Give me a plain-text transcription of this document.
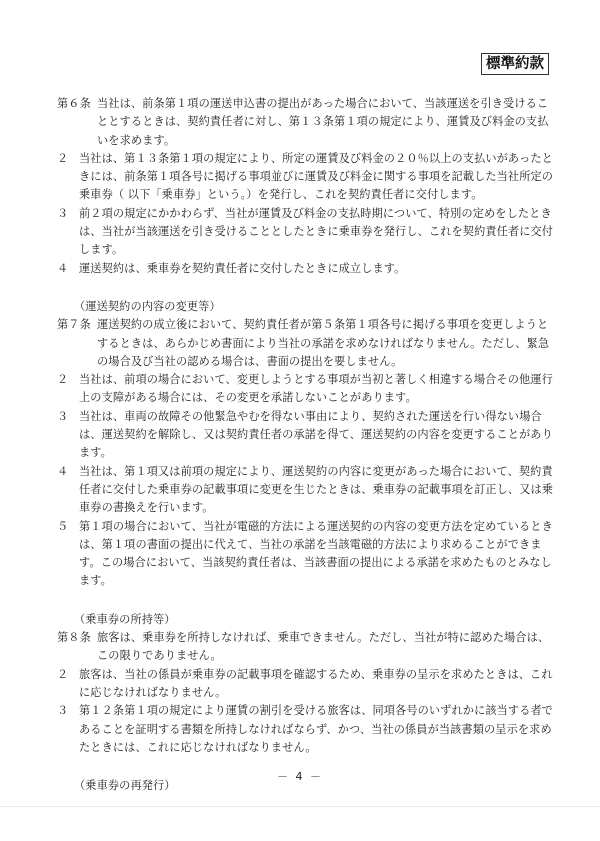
標準約款
第６条 当社は、前条第１項の運送申込書の提出があった場合において、当該運送を引き受けることとするときは、契約責任者に対し、第１３条第１項の規定により、運賃及び料金の支払いを求めます。
２ 当社は、第１３条第１項の規定により、所定の運賃及び料金の２０％以上の支払いがあったときには、前条第１項各号に掲げる事項並びに運賃及び料金に関する事項を記載した当社所定の乗車券（ 以下「乗車券」という。）を発行し、これを契約責任者に交付します。
３ 前２項の規定にかかわらず、当社が運賃及び料金の支払時期について、特別の定めをしたときは、当社が当該運送を引き受けることとしたときに乗車券を発行し、これを契約責任者に交付します。
４ 運送契約は、乗車券を契約責任者に交付したときに成立します。
（運送契約の内容の変更等）
第７条 運送契約の成立後において、契約責任者が第５条第１項各号に掲げる事項を変更しようとするときは、あらかじめ書面により当社の承諾を求めなければなりません。ただし、緊急の場合及び当社の認める場合は、書面の提出を要しません。
２ 当社は、前項の場合において、変更しようとする事項が当初と著しく相違する場合その他運行上の支障がある場合には、その変更を承諾しないことがあります。
３ 当社は、車両の故障その他緊急やむを得ない事由により、契約された運送を行い得ない場合は、運送契約を解除し、又は契約責任者の承諾を得て、運送契約の内容を変更することがあります。
４ 当社は、第１項又は前項の規定により、運送契約の内容に変更があった場合において、契約責任者に交付した乗車券の記載事項に変更を生じたときは、乗車券の記載事項を訂正し、又は乗車券の書換えを行います。
５ 第１項の場合において、当社が電磁的方法による運送契約の内容の変更方法を定めているときは、第１項の書面の提出に代えて、当社の承諾を当該電磁的方法により求めることができます。この場合において、当該契約責任者は、当該書面の提出による承諾を求めたものとみなします。
（乗車券の所持等）
第８条 旅客は、乗車券を所持しなければ、乗車できません。ただし、当社が特に認めた場合は、この限りでありません。
２ 旅客は、当社の係員が乗車券の記載事項を確認するため、乗車券の呈示を求めたときは、これに応じなければなりません。
３ 第１２条第１項の規定により運賃の割引を受ける旅客は、同項各号のいずれかに該当する者であることを証明する書類を所持しなければならず、かつ、当社の係員が当該書類の呈示を求めたときには、これに応じなければなりません。
（乗車券の再発行）
－ 4 －
